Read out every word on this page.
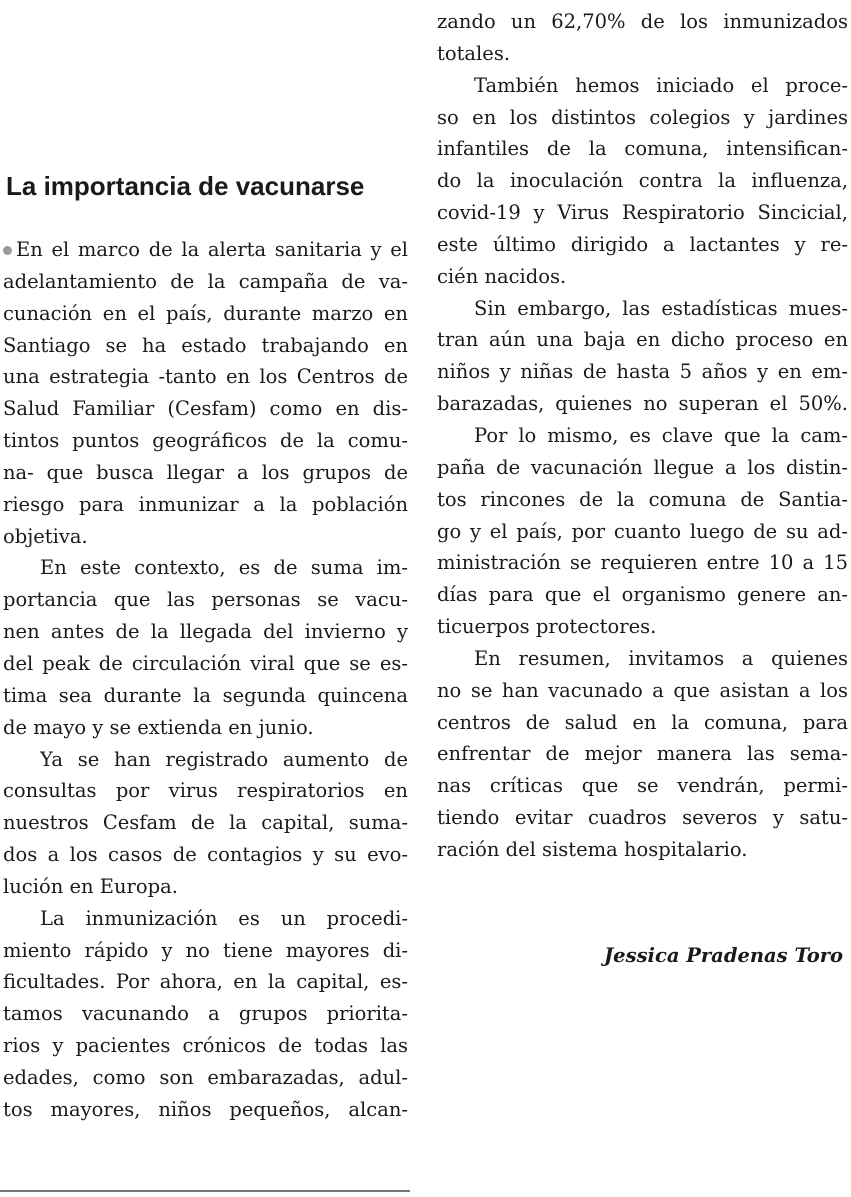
La importancia de vacunarse
En el marco de la alerta sanitaria y el
adelantamiento de la campaña de va-
cunación en el país, durante marzo en
Santiago se ha estado trabajando en
una estrategia -tanto en los Centros de
Salud Familiar (Cesfam) como en dis-
tintos puntos geográficos de la comu-
na- que busca llegar a los grupos de
riesgo para inmunizar a la población
objetiva.
En este contexto, es de suma im-
portancia que las personas se vacu-
nen antes de la llegada del invierno y
del peak de circulación viral que se es-
tima sea durante la segunda quincena
de mayo y se extienda en junio.
Ya se han registrado aumento de
consultas por virus respiratorios en
nuestros Cesfam de la capital, suma-
dos a los casos de contagios y su evo-
lución en Europa.
La inmunización es un procedi-
miento rápido y no tiene mayores di-
ficultades. Por ahora, en la capital, es-
tamos vacunando a grupos prioritа-
rios y pacientes crónicos de todas las
edades, como son embarazadas, adul-
tos mayores, niños pequeños, alcan-
zando un 62,70% de los inmunizados
totales.
También hemos iniciado el proce-
so en los distintos colegios y jardines
infantiles de la comuna, intensifican-
do la inoculación contra la influenza,
covid-19 y Virus Respiratorio Sincicial,
este último dirigido a lactantes y re-
cién nacidos.
Sin embargo, las estadísticas mues-
tran aún una baja en dicho proceso en
niños y niñas de hasta 5 años y en em-
barazadas, quienes no superan el 50%.
Por lo mismo, es clave que la cam-
paña de vacunación llegue a los distin-
tos rincones de la comuna de Santia-
go y el país, por cuanto luego de su ad-
ministración se requieren entre 10 a 15
días para que el organismo genere an-
ticuerpos protectores.
En resumen, invitamos a quienes
no se han vacunado a que asistan a los
centros de salud en la comuna, para
enfrentar de mejor manera las sema-
nas críticas que se vendrán, permi-
tiendo evitar cuadros severos y satu-
ración del sistema hospitalario.
Jessica Pradenas Toro
